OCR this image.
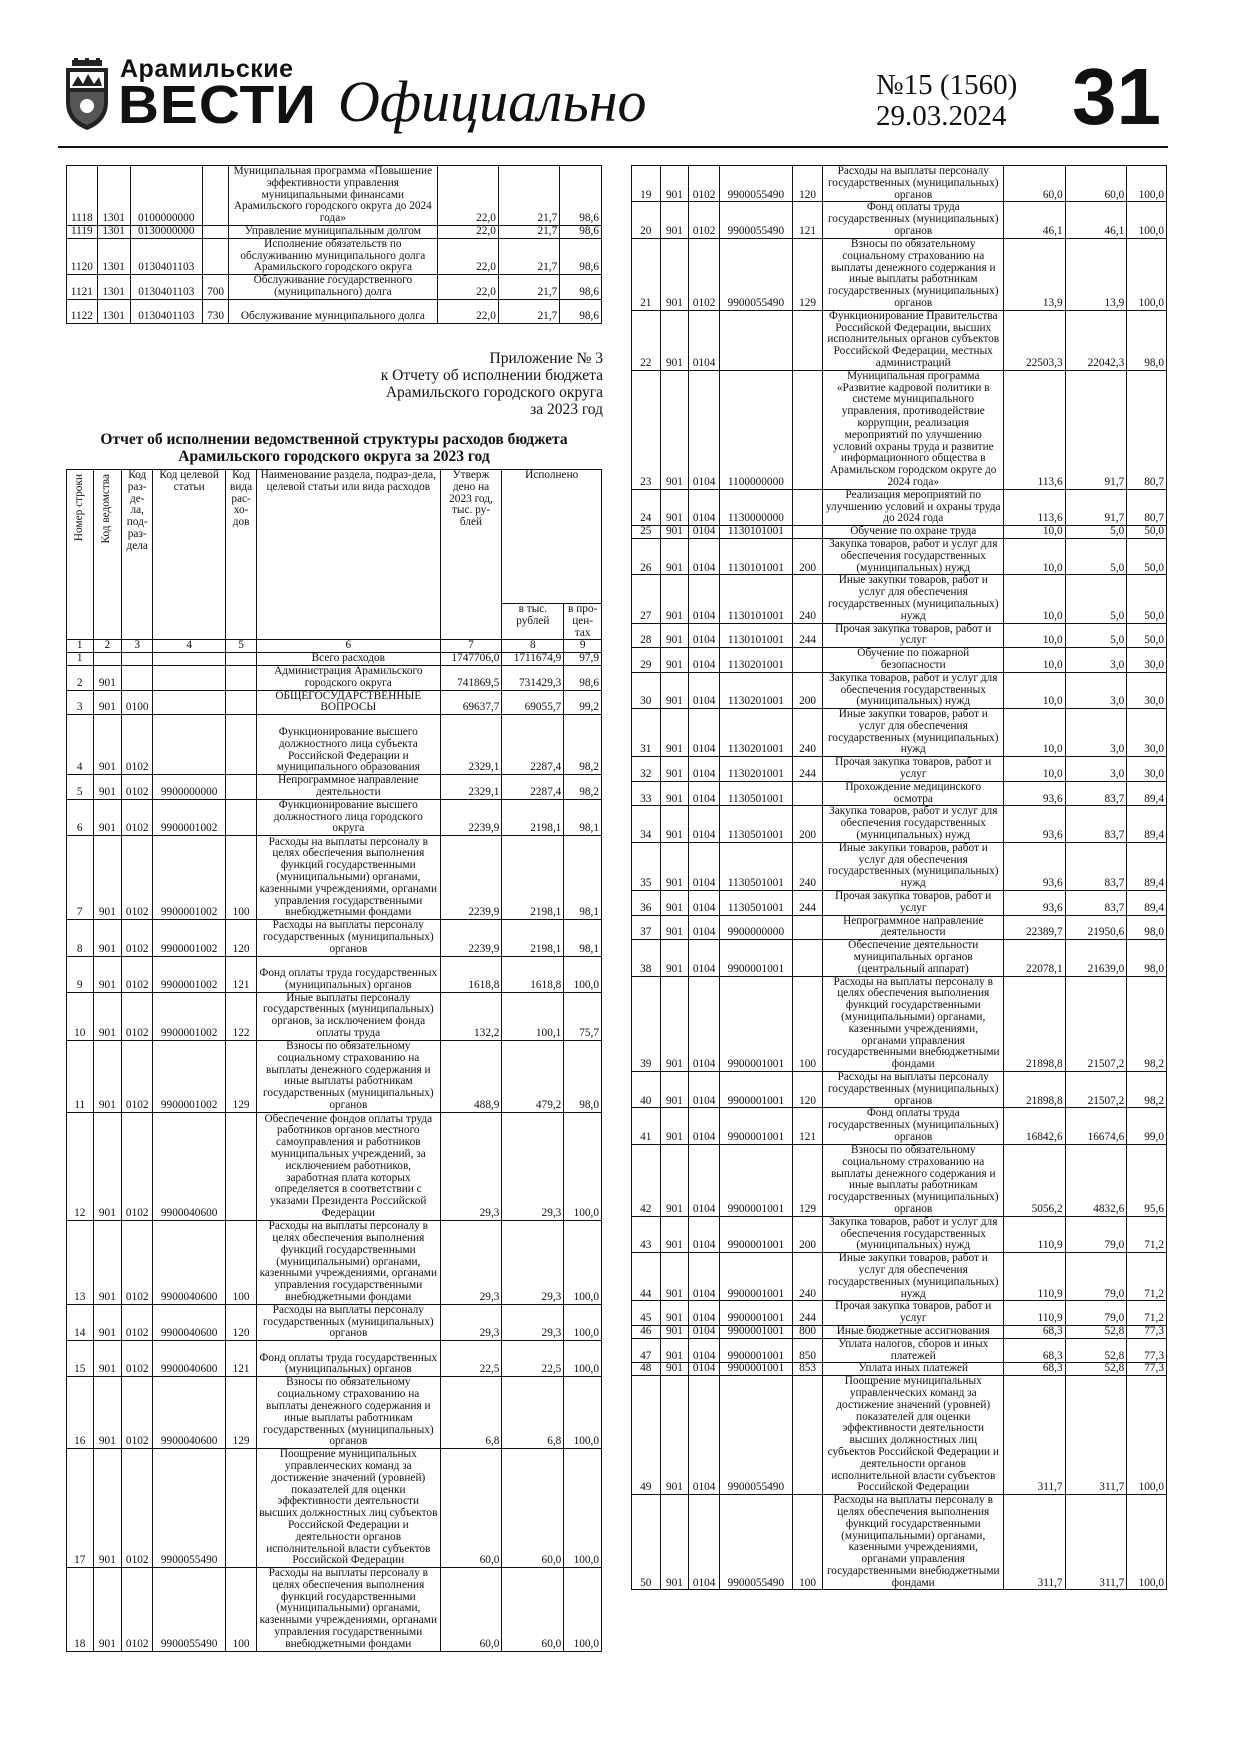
Арамильские
ВЕСТИ Официально	№15 (1560)
29.03.2024 31
1118	1301	0100000000		Муниципальная программа «Повышение эффективности управления муниципальными финансами Арамильского городского округа до 2024 года»	22,0	21,7	98,6
1119	1301	0130000000		Управление муниципальным долгом	22,0	21,7	98,6
1120	1301	0130401103		Исполнение обязательств по обслуживанию муниципального долга Арамильского городского округа	22,0	21,7	98,6
1121	1301	0130401103	700	Обслуживание государственного (муниципального) долга	22,0	21,7	98,6
1122	1301	0130401103	730	Обслуживание муниципального долга	22,0	21,7	98,6
Приложение № 3
к Отчету об исполнении бюджета
Арамильского городского округа
за 2023 год
Отчет об исполнении ведомственной структуры расходов бюджета
Арамильского городского округа за 2023 год
Номер строки	Код ведомства	Код раз-де-ла, под-раз-дела	Код целевой статьи	Код вида рас-хо-дов	Наименование раздела, подраз-дела, целевой статьи или вида расходов	Утверж дено на 2023 год, тыс. ру-блей	Исполнено	
							в тыс. рублей	в про-цен-тах
1	2	3	4	5	6	7	8	9
1					Всего расходов	1747706,0	1711674,9	97,9
2	901				Администрация Арамильского городского округа	741869,5	731429,3	98,6
3	901	0100			ОБЩЕГОСУДАРСТВЕННЫЕ ВОПРОСЫ	69637,7	69055,7	99,2
4	901	0102			Функционирование высшего должностного лица субъекта Российской Федерации и муниципального образования	2329,1	2287,4	98,2
5	901	0102	9900000000		Непрограммное направление деятельности	2329,1	2287,4	98,2
6	901	0102	9900001002		Функционирование высшего должностного лица городского округа	2239,9	2198,1	98,1
7	901	0102	9900001002	100	Расходы на выплаты персоналу в целях обеспечения выполнения функций государственными (муниципальными) органами, казенными учреждениями, органами управления государственными внебюджетными фондами	2239,9	2198,1	98,1
8	901	0102	9900001002	120	Расходы на выплаты персоналу государственных (муниципальных) органов	2239,9	2198,1	98,1
9	901	0102	9900001002	121	Фонд оплаты труда государственных (муниципальных) органов	1618,8	1618,8	100,0
10	901	0102	9900001002	122	Иные выплаты персоналу государственных (муниципальных) органов, за исключением фонда оплаты труда	132,2	100,1	75,7
11	901	0102	9900001002	129	Взносы по обязательному социальному страхованию на выплаты денежного содержания и иные выплаты работникам государственных (муниципальных) органов	488,9	479,2	98,0
12	901	0102	9900040600		Обеспечение фондов оплаты труда работников органов местного самоуправления и работников муниципальных учреждений, за исключением работников, заработная плата которых определяется в соответствии с указами Президента Российской Федерации	29,3	29,3	100,0
13	901	0102	9900040600	100	Расходы на выплаты персоналу в целях обеспечения выполнения функций государственными (муниципальными) органами, казенными учреждениями, органами управления государственными внебюджетными фондами	29,3	29,3	100,0
14	901	0102	9900040600	120	Расходы на выплаты персоналу государственных (муниципальных) органов	29,3	29,3	100,0
15	901	0102	9900040600	121	Фонд оплаты труда государственных (муниципальных) органов	22,5	22,5	100,0
16	901	0102	9900040600	129	Взносы по обязательному социальному страхованию на выплаты денежного содержания и иные выплаты работникам государственных (муниципальных) органов	6,8	6,8	100,0
17	901	0102	9900055490		Поощрение муниципальных управленческих команд за достижение значений (уровней) показателей для оценки эффективности деятельности высших должностных лиц субъектов Российской Федерации и деятельности органов исполнительной власти субъектов Российской Федерации	60,0	60,0	100,0
18	901	0102	9900055490	100	Расходы на выплаты персоналу в целях обеспечения выполнения функций государственными (муниципальными) органами, казенными учреждениями, органами управления государственными внебюджетными фондами	60,0	60,0	100,0
19	901	0102	9900055490	120	Расходы на выплаты персоналу государственных (муниципальных) органов	60,0	60,0	100,0
20	901	0102	9900055490	121	Фонд оплаты труда государственных (муниципальных) органов	46,1	46,1	100,0
21	901	0102	9900055490	129	Взносы по обязательному социальному страхованию на выплаты денежного содержания и иные выплаты работникам государственных (муниципальных) органов	13,9	13,9	100,0
22	901	0104			Функционирование Правительства Российской Федерации, высших исполнительных органов субъектов Российской Федерации, местных администраций	22503,3	22042,3	98,0
23	901	0104	1100000000		Муниципальная программа «Развитие кадровой политики в системе муниципального управления, противодействие коррупции, реализация мероприятий по улучшению условий охраны труда и развитие информационного общества в Арамильском городском округе до 2024 года»	113,6	91,7	80,7
24	901	0104	1130000000		Реализация мероприятий по улучшению условий и охраны труда до 2024 года	113,6	91,7	80,7
25	901	0104	1130101001		Обучение по охране труда	10,0	5,0	50,0
26	901	0104	1130101001	200	Закупка товаров, работ и услуг для обеспечения государственных (муниципальных) нужд	10,0	5,0	50,0
27	901	0104	1130101001	240	Иные закупки товаров, работ и услуг для обеспечения государственных (муниципальных) нужд	10,0	5,0	50,0
28	901	0104	1130101001	244	Прочая закупка товаров, работ и услуг	10,0	5,0	50,0
29	901	0104	1130201001		Обучение по пожарной безопасности	10,0	3,0	30,0
30	901	0104	1130201001	200	Закупка товаров, работ и услуг для обеспечения государственных (муниципальных) нужд	10,0	3,0	30,0
31	901	0104	1130201001	240	Иные закупки товаров, работ и услуг для обеспечения государственных (муниципальных) нужд	10,0	3,0	30,0
32	901	0104	1130201001	244	Прочая закупка товаров, работ и услуг	10,0	3,0	30,0
33	901	0104	1130501001		Прохождение медицинского осмотра	93,6	83,7	89,4
34	901	0104	1130501001	200	Закупка товаров, работ и услуг для обеспечения государственных (муниципальных) нужд	93,6	83,7	89,4
35	901	0104	1130501001	240	Иные закупки товаров, работ и услуг для обеспечения государственных (муниципальных) нужд	93,6	83,7	89,4
36	901	0104	1130501001	244	Прочая закупка товаров, работ и услуг	93,6	83,7	89,4
37	901	0104	9900000000		Непрограммное направление деятельности	22389,7	21950,6	98,0
38	901	0104	9900001001		Обеспечение деятельности муниципальных органов (центральный аппарат)	22078,1	21639,0	98,0
39	901	0104	9900001001	100	Расходы на выплаты персоналу в целях обеспечения выполнения функций государственными (муниципальными) органами, казенными учреждениями, органами управления государственными внебюджетными фондами	21898,8	21507,2	98,2
40	901	0104	9900001001	120	Расходы на выплаты персоналу государственных (муниципальных) органов	21898,8	21507,2	98,2
41	901	0104	9900001001	121	Фонд оплаты труда государственных (муниципальных) органов	16842,6	16674,6	99,0
42	901	0104	9900001001	129	Взносы по обязательному социальному страхованию на выплаты денежного содержания и иные выплаты работникам государственных (муниципальных) органов	5056,2	4832,6	95,6
43	901	0104	9900001001	200	Закупка товаров, работ и услуг для обеспечения государственных (муниципальных) нужд	110,9	79,0	71,2
44	901	0104	9900001001	240	Иные закупки товаров, работ и услуг для обеспечения государственных (муниципальных) нужд	110,9	79,0	71,2
45	901	0104	9900001001	244	Прочая закупка товаров, работ и услуг	110,9	79,0	71,2
46	901	0104	9900001001	800	Иные бюджетные ассигнования	68,3	52,8	77,3
47	901	0104	9900001001	850	Уплата налогов, сборов и иных платежей	68,3	52,8	77,3
48	901	0104	9900001001	853	Уплата иных платежей	68,3	52,8	77,3
49	901	0104	9900055490		Поощрение муниципальных управленческих команд за достижение значений (уровней) показателей для оценки эффективности деятельности высших должностных лиц субъектов Российской Федерации и деятельности органов исполнительной власти субъектов Российской Федерации	311,7	311,7	100,0
50	901	0104	9900055490	100	Расходы на выплаты персоналу в целях обеспечения выполнения функций государственными (муниципальными) органами, казенными учреждениями, органами управления государственными внебюджетными фондами	311,7	311,7	100,0
